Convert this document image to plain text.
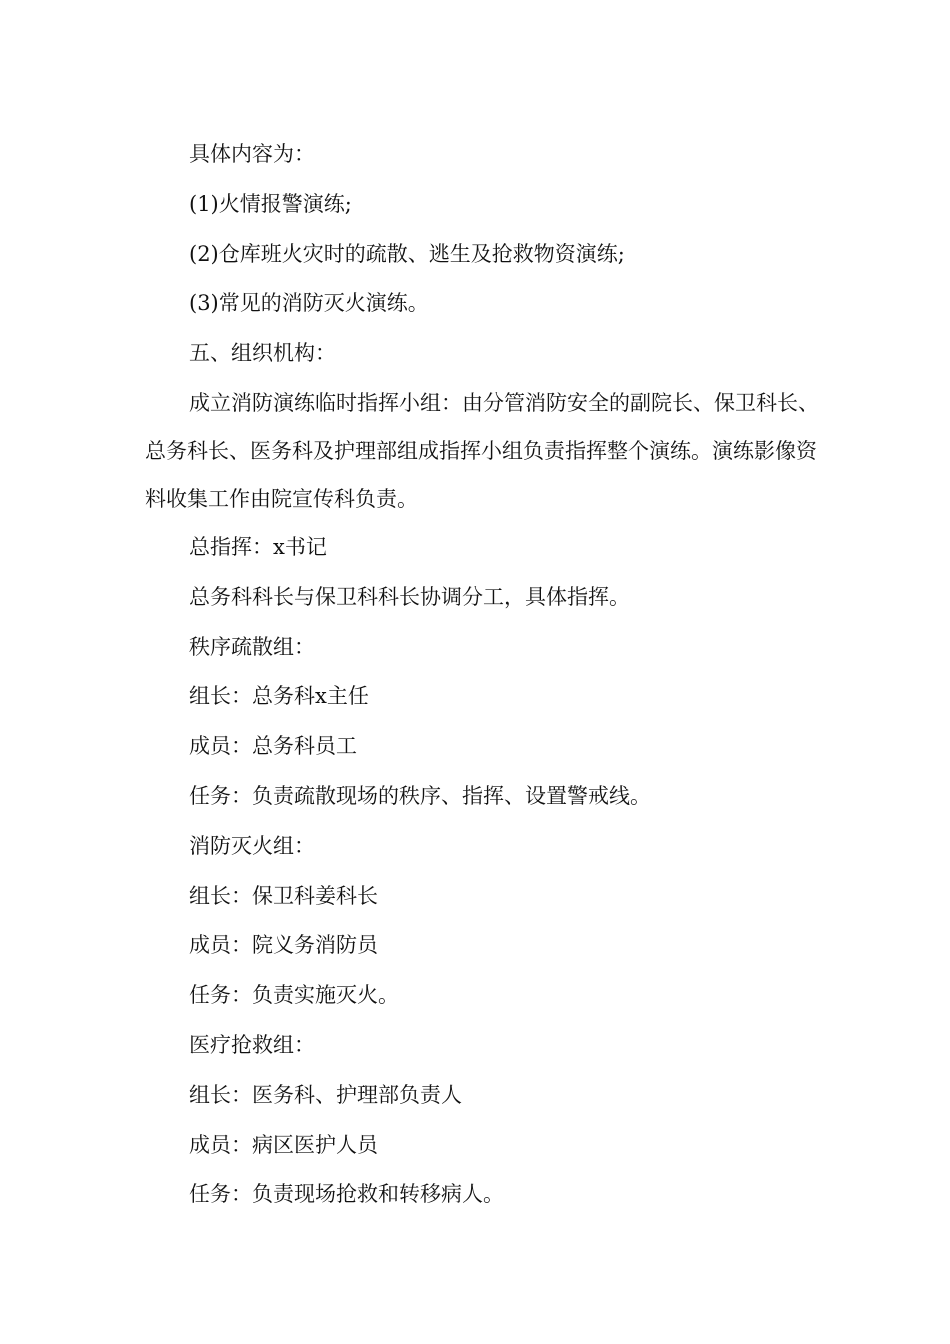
具体内容为：

(1)火情报警演练;

(2)仓库班火灾时的疏散、逃生及抢救物资演练;

(3)常见的消防灭火演练。

五、组织机构：

成立消防演练临时指挥小组：由分管消防安全的副院长、保卫科长、总务科长、医务科及护理部组成指挥小组负责指挥整个演练。演练影像资料收集工作由院宣传科负责。

总指挥：x书记

总务科科长与保卫科科长协调分工，具体指挥。

秩序疏散组：

组长：总务科x主任

成员：总务科员工

任务：负责疏散现场的秩序、指挥、设置警戒线。

消防灭火组：

组长：保卫科姜科长

成员：院义务消防员

任务：负责实施灭火。

医疗抢救组：

组长：医务科、护理部负责人

成员：病区医护人员

任务：负责现场抢救和转移病人。
